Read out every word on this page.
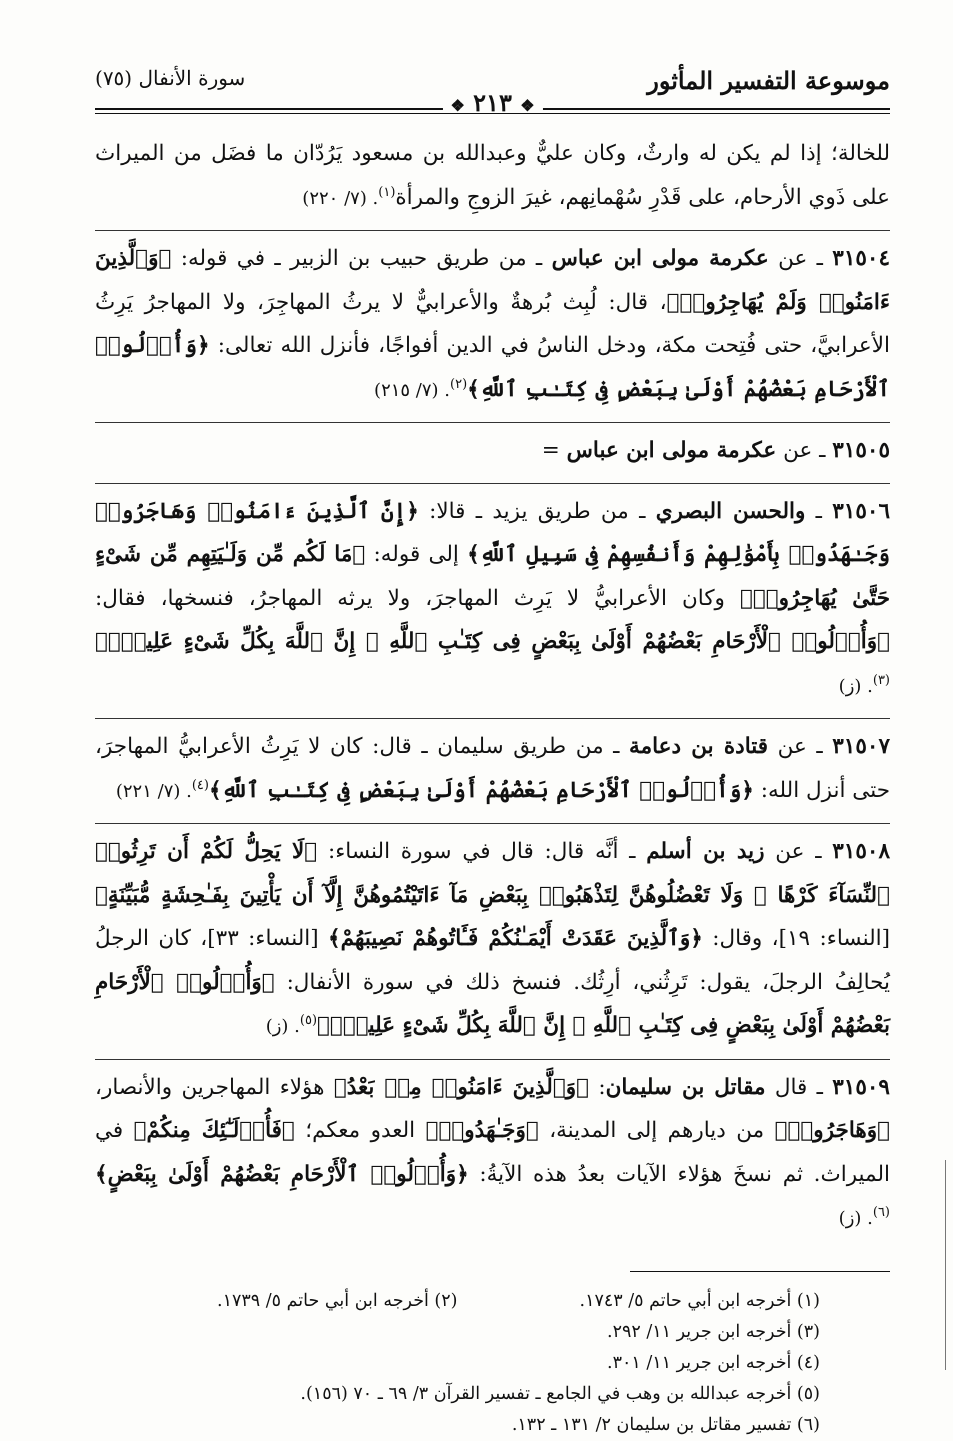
موسوعة التفسير المأثور
❖ ٢١٣ ❖
سورة الأنفال (٧٥)

للخالة؛ إذا لم يكن له وارثٌ، وكان عليٌّ وعبدالله بن مسعود يَرُدّان ما فضَل من الميراث على ذَوي الأرحام، على قَدْرِ سُهْمانِهم، غيرَ الزوجِ والمرأة$^{(١)}$. (٧/ ٢٢٠)

٣١٥٠٤ ـ عن عكرمة مولى ابن عباس ـ من طريق حبيب بن الزبير ـ في قوله: ﴿وَٱلَّذِينَ ءَامَنُوا۟ وَلَمْ يُهَاجِرُوا۟﴾، قال: لُبِث بُرهةٌ والأعرابيٌّ لا يرثُ المهاجِرَ، ولا المهاجرُ يَرِثُ الأعرابيَّ، حتى فُتِحت مكة، ودخل الناسُ في الدين أفواجًا، فأنزل الله تعالى: ﴿وَأُو۟لُوا۟ ٱلْأَرْحَامِ بَعْضُهُمْ أَوْلَىٰ بِبَعْضٍ فِى كِتَـٰبِ ٱللَّهِ﴾$^{(٢)}$. (٧/ ٢١٥)

٣١٥٠٥ ـ عن عكرمة مولى ابن عباس =

٣١٥٠٦ ـ والحسن البصري ـ من طريق يزيد ـ قالا: ﴿إِنَّ ٱلَّذِينَ ءَامَنُوا۟ وَهَاجَرُوا۟ وَجَـٰهَدُوا۟ بِأَمْوَٰلِهِمْ وَأَنفُسِهِمْ فِى سَبِيلِ ٱللَّهِ﴾ إلى قوله: ﴿مَا لَكُم مِّن وَلَـٰيَتِهِم مِّن شَىْءٍ حَتَّىٰ يُهَاجِرُوا۟﴾ وكان الأعرابيُّ لا يَرِث المهاجرَ، ولا يرثه المهاجرُ، فنسخها، فقال: ﴿وَأُو۟لُوا۟ ٱلْأَرْحَامِ بَعْضُهُمْ أَوْلَىٰ بِبَعْضٍ فِى كِتَـٰبِ ٱللَّهِ ۗ إِنَّ ٱللَّهَ بِكُلِّ شَىْءٍ عَلِيمٌۢ﴾$^{(٣)}$. (ز)

٣١٥٠٧ ـ عن قتادة بن دعامة ـ من طريق سليمان ـ قال: كان لا يَرِثُ الأعرابيُّ المهاجرَ، حتى أنزل الله: ﴿وَأُو۟لُوا۟ ٱلْأَرْحَامِ بَعْضُهُمْ أَوْلَىٰ بِبَعْضٍ فِى كِتَـٰبِ ٱللَّهِ﴾$^{(٤)}$. (٧/ ٢٢١)

٣١٥٠٨ ـ عن زيد بن أسلم ـ أنَّه قال: قال في سورة النساء: ﴿لَا يَحِلُّ لَكُمْ أَن تَرِثُوا۟ ٱلنِّسَآءَ كَرْهًا ۖ وَلَا تَعْضُلُوهُنَّ لِتَذْهَبُوا۟ بِبَعْضِ مَآ ءَاتَيْتُمُوهُنَّ إِلَّآ أَن يَأْتِينَ بِفَـٰحِشَةٍ مُّبَيِّنَةٍ﴾ [النساء: ١٩]، وقال: ﴿وَٱلَّذِينَ عَقَدَتْ أَيْمَـٰنُكُمْ فَـَٔاتُوهُمْ نَصِيبَهُمْ﴾ [النساء: ٣٣]، كان الرجلُ يُحالِفُ الرجلَ، يقول: تَرِثُني، أرِثُك. فنسخ ذلك في سورة الأنفال: ﴿وَأُو۟لُوا۟ ٱلْأَرْحَامِ بَعْضُهُمْ أَوْلَىٰ بِبَعْضٍ فِى كِتَـٰبِ ٱللَّهِ ۗ إِنَّ ٱللَّهَ بِكُلِّ شَىْءٍ عَلِيمٌۢ﴾$^{(٥)}$. (ز)

٣١٥٠٩ ـ قال مقاتل بن سليمان: ﴿وَٱلَّذِينَ ءَامَنُوا۟ مِنۢ بَعْدُ﴾ هؤلاء المهاجرين والأنصار، ﴿وَهَاجَرُوا۟﴾ من ديارهم إلى المدينة، ﴿وَجَـٰهَدُوا۟﴾ العدو معكم؛ ﴿فَأُو۟لَـٰٓئِكَ مِنكُمْ﴾ في الميراث. ثم نسخَ هؤلاء الآيات بعدُ هذه الآيةُ: ﴿وَأُو۟لُوا۟ ٱلْأَرْحَامِ بَعْضُهُمْ أَوْلَىٰ بِبَعْضٍ﴾$^{(٦)}$. (ز)

(١) أخرجه ابن أبي حاتم ٥/ ١٧٤٣.
(٢) أخرجه ابن أبي حاتم ٥/ ١٧٣٩.
(٣) أخرجه ابن جرير ١١/ ٢٩٢.
(٤) أخرجه ابن جرير ١١/ ٣٠١.
(٥) أخرجه عبدالله بن وهب في الجامع ـ تفسير القرآن ٣/ ٦٩ ـ ٧٠ (١٥٦).
(٦) تفسير مقاتل بن سليمان ٢/ ١٣١ ـ ١٣٢.
